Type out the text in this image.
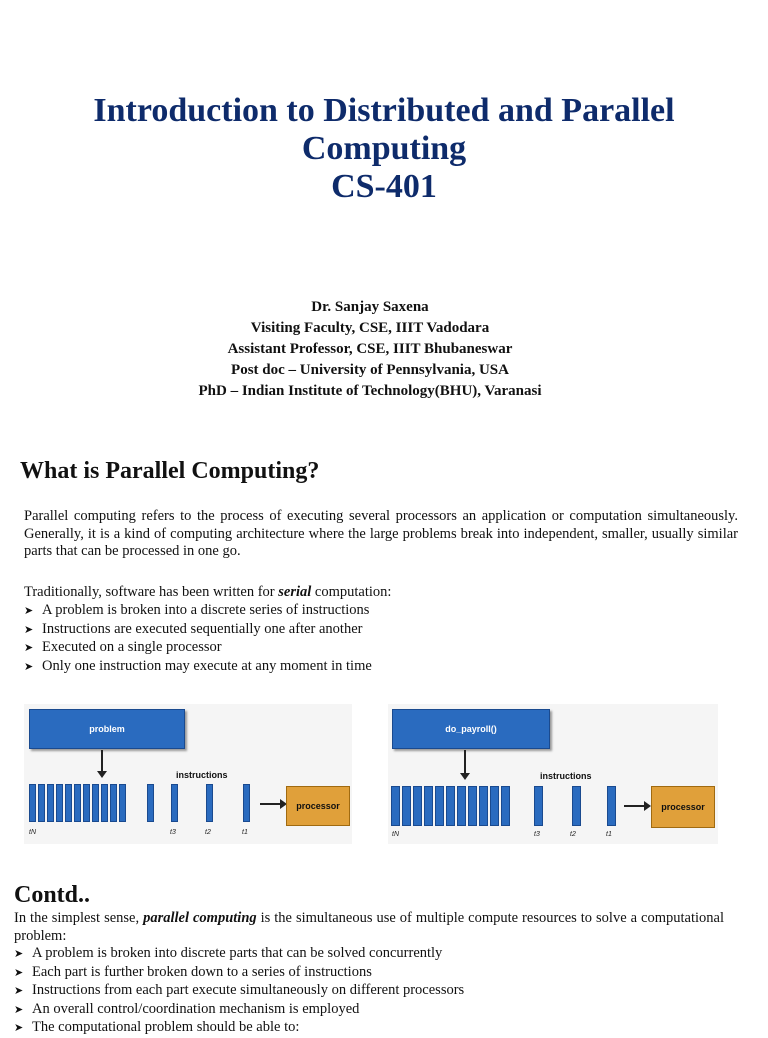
Introduction to Distributed and Parallel
Computing
CS-401
Dr. Sanjay Saxena
Visiting Faculty, CSE, IIIT Vadodara
Assistant Professor, CSE, IIIT Bhubaneswar
Post doc – University of Pennsylvania, USA
PhD – Indian Institute of Technology(BHU), Varanasi
What is Parallel Computing?

Parallel computing refers to the process of executing several processors an application or computation simultaneously. Generally, it is a kind of computing architecture where the large problems break into independent, smaller, usually similar parts that can be processed in one go.

Traditionally, software has been written for serial computation:

➤ A problem is broken into a discrete series of instructions
➤ Instructions are executed sequentially one after another
➤ Executed on a single processor
➤ Only one instruction may execute at any moment in time
problem
instructions
processor
tN	t3	t2	t1
do_payroll()
instructions
processor
tN	t3	t2	t1
Contd..

In the simplest sense, parallel computing is the simultaneous use of multiple compute resources to solve a computational problem:

➤ A problem is broken into discrete parts that can be solved concurrently
➤ Each part is further broken down to a series of instructions
➤ Instructions from each part execute simultaneously on different processors
➤ An overall control/coordination mechanism is employed
➤ The computational problem should be able to:
